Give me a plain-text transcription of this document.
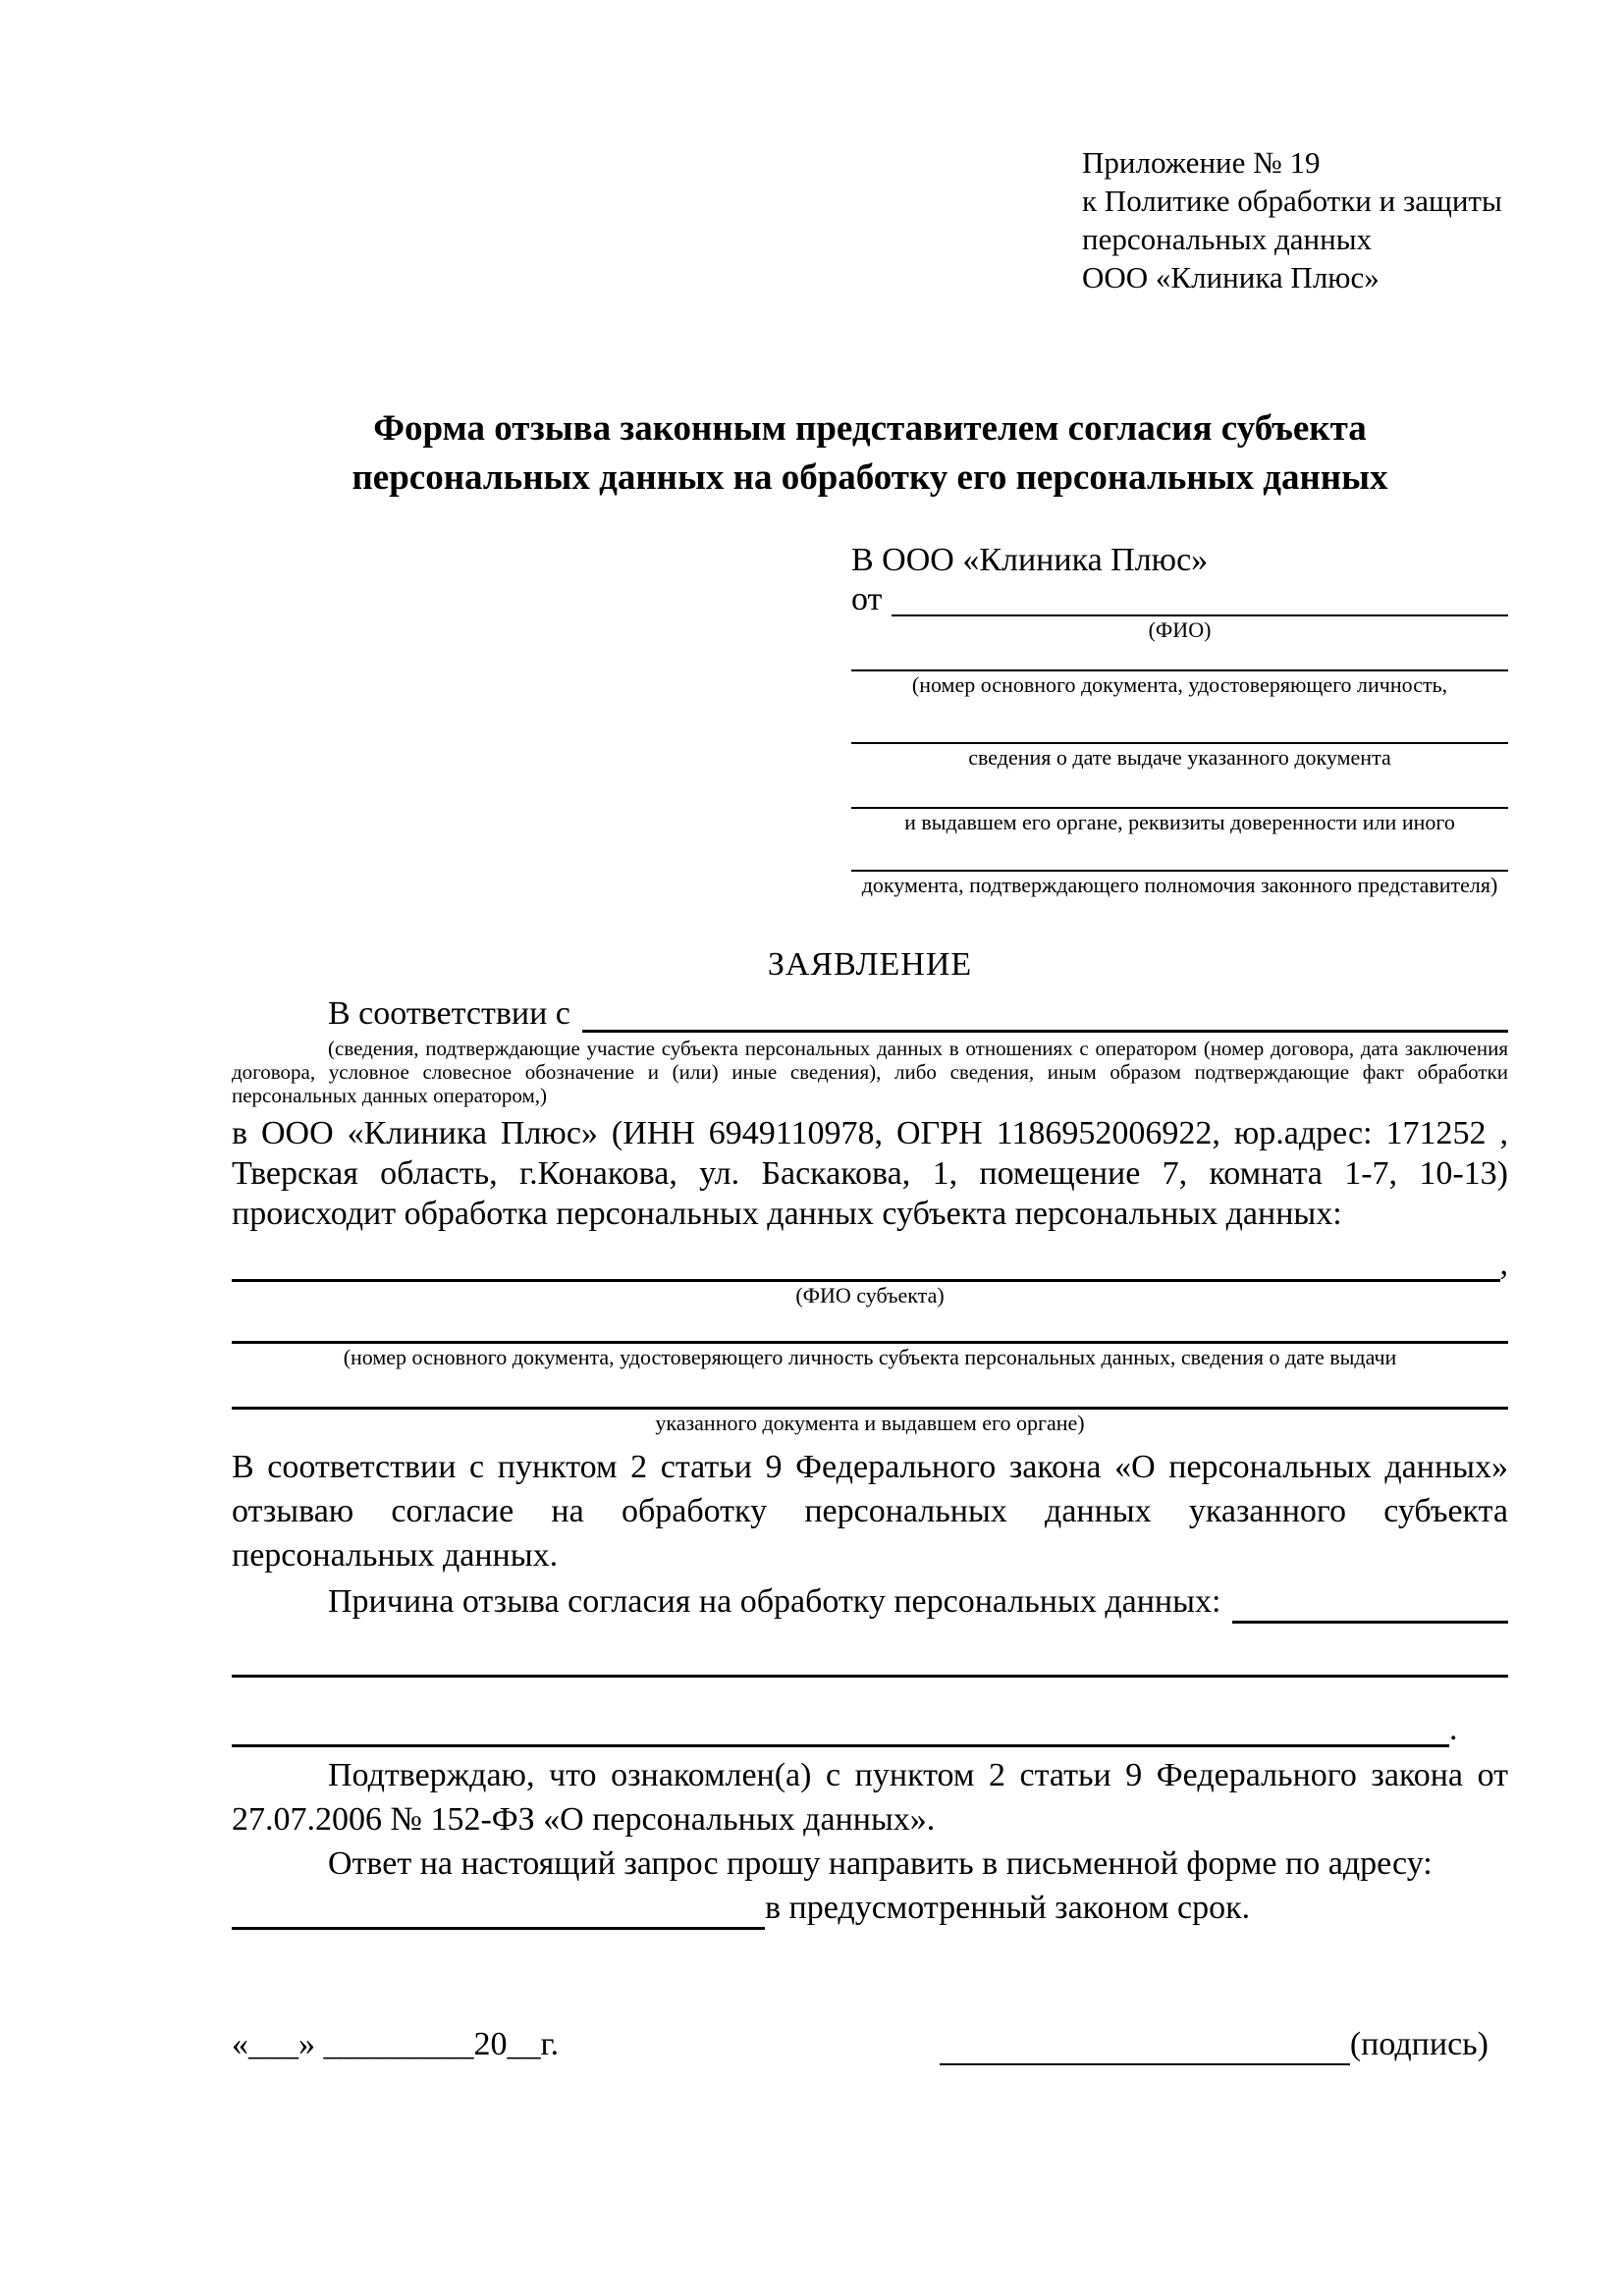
Приложение № 19
к Политике обработки и защиты
персональных данных
ООО «Клиника Плюс»
Форма отзыва законным представителем согласия субъекта
персональных данных на обработку его персональных данных
В ООО «Клиника Плюс»
от
(ФИО)
(номер основного документа, удостоверяющего личность,
сведения о дате выдаче указанного документа
и выдавшем его органе, реквизиты доверенности или иного
документа, подтверждающего полномочия законного представителя)
ЗАЯВЛЕНИЕ
В соответствии с
(сведения, подтверждающие участие субъекта персональных данных в отношениях с оператором (номер договора, дата заключения договора, условное словесное обозначение и (или) иные сведения), либо сведения, иным образом подтверждающие факт обработки персональных данных оператором,)
в ООО «Клиника Плюс» (ИНН 6949110978, ОГРН 1186952006922, юр.адрес: 171252 , Тверская область, г.Конакова, ул. Баскакова, 1, помещение 7, комната 1-7, 10-13) происходит обработка персональных данных субъекта персональных данных:
,
(ФИО субъекта)
(номер основного документа, удостоверяющего личность субъекта персональных данных, сведения о дате выдачи
указанного документа и выдавшем его органе)
В соответствии с пунктом 2 статьи 9 Федерального закона «О персональных данных» отзываю согласие на обработку персональных данных указанного субъекта персональных данных.
Причина отзыва согласия на обработку персональных данных:
.
Подтверждаю, что ознакомлен(а) с пунктом 2 статьи 9 Федерального закона от 27.07.2006 № 152-ФЗ «О персональных данных».
Ответ на настоящий запрос прошу направить в письменной форме по адресу:
в предусмотренный законом срок.
«___» _________20__г.	(подпись)
